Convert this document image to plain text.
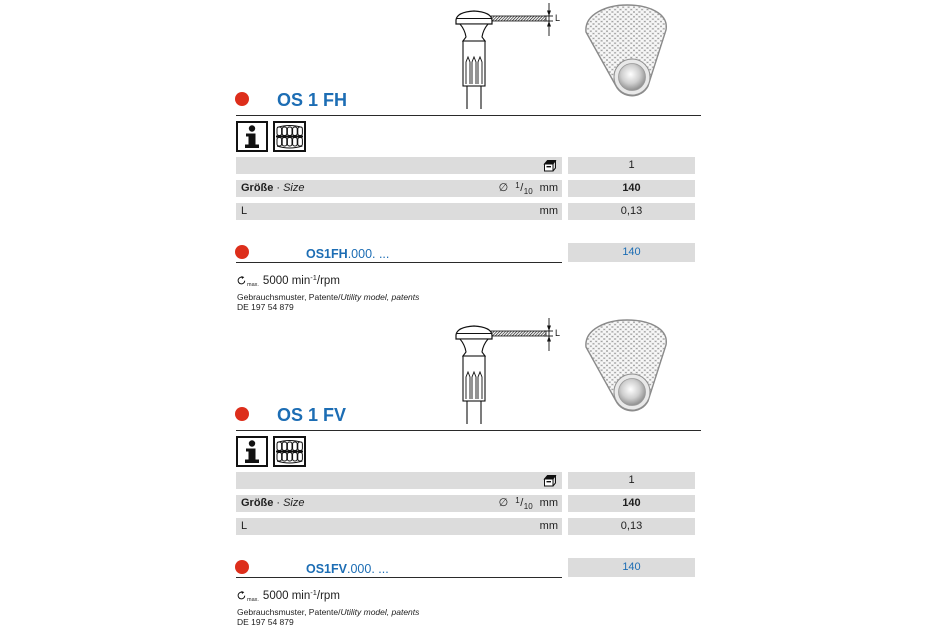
L
OS 1 FH
1
Größe · Size	∅ $^1/_{10}$ mm	140
L	mm	0,13
OS1FH.000. ...	140
max. 5000 $\min^{-1}$/rpm
Gebrauchsmuster, Patente/Utility model, patents
DE 197 54 879
L
OS 1 FV
1
Größe · Size	∅ $^1/_{10}$ mm	140
L	mm	0,13
OS1FV.000. ...	140
max. 5000 $\min^{-1}$/rpm
Gebrauchsmuster, Patente/Utility model, patents
DE 197 54 879
